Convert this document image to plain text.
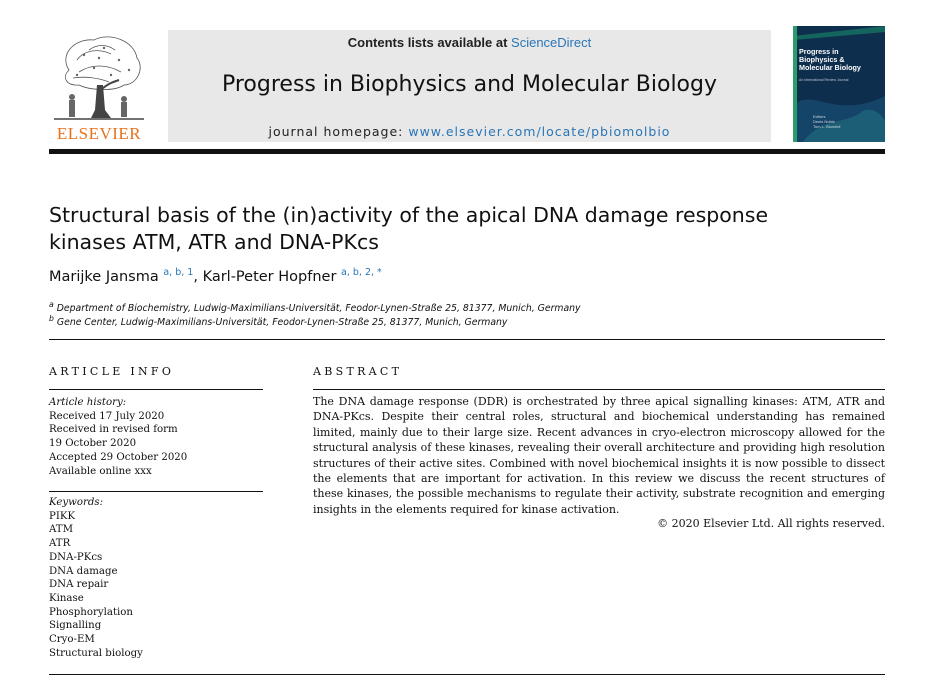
ELSEVIER
Contents lists available at ScienceDirect
Progress in Biophysics and Molecular Biology
journal homepage: www.elsevier.com/locate/pbiomolbio
Progress in
Biophysics &
Molecular Biology
An International Review Journal
Editors
Denis Noble
Tom L. Blundell
Structural basis of the (in)activity of the apical DNA damage response
kinases ATM, ATR and DNA-PKcs
Marijke Jansma $^{a, b, 1}$, Karl-Peter Hopfner $^{a, b, 2, *}$
$^a$ Department of Biochemistry, Ludwig-Maximilians-Universität, Feodor-Lynen-Straße 25, 81377, Munich, Germany
$^b$ Gene Center, Ludwig-Maximilians-Universität, Feodor-Lynen-Straße 25, 81377, Munich, Germany
ARTICLE INFO
Article history:
Received 17 July 2020
Received in revised form
19 October 2020
Accepted 29 October 2020
Available online xxx
Keywords:
PIKK
ATM
ATR
DNA-PKcs
DNA damage
DNA repair
Kinase
Phosphorylation
Signalling
Cryo-EM
Structural biology
ABSTRACT
The DNA damage response (DDR) is orchestrated by three apical signalling kinases: ATM, ATR and DNA-PKcs. Despite their central roles, structural and biochemical understanding has remained limited, mainly due to their large size. Recent advances in cryo-electron microscopy allowed for the structural analysis of these kinases, revealing their overall architecture and providing high resolution structures of their active sites. Combined with novel biochemical insights it is now possible to dissect the elements that are important for activation. In this review we discuss the recent structures of these kinases, the possible mechanisms to regulate their activity, substrate recognition and emerging insights in the elements required for kinase activation.
© 2020 Elsevier Ltd. All rights reserved.
